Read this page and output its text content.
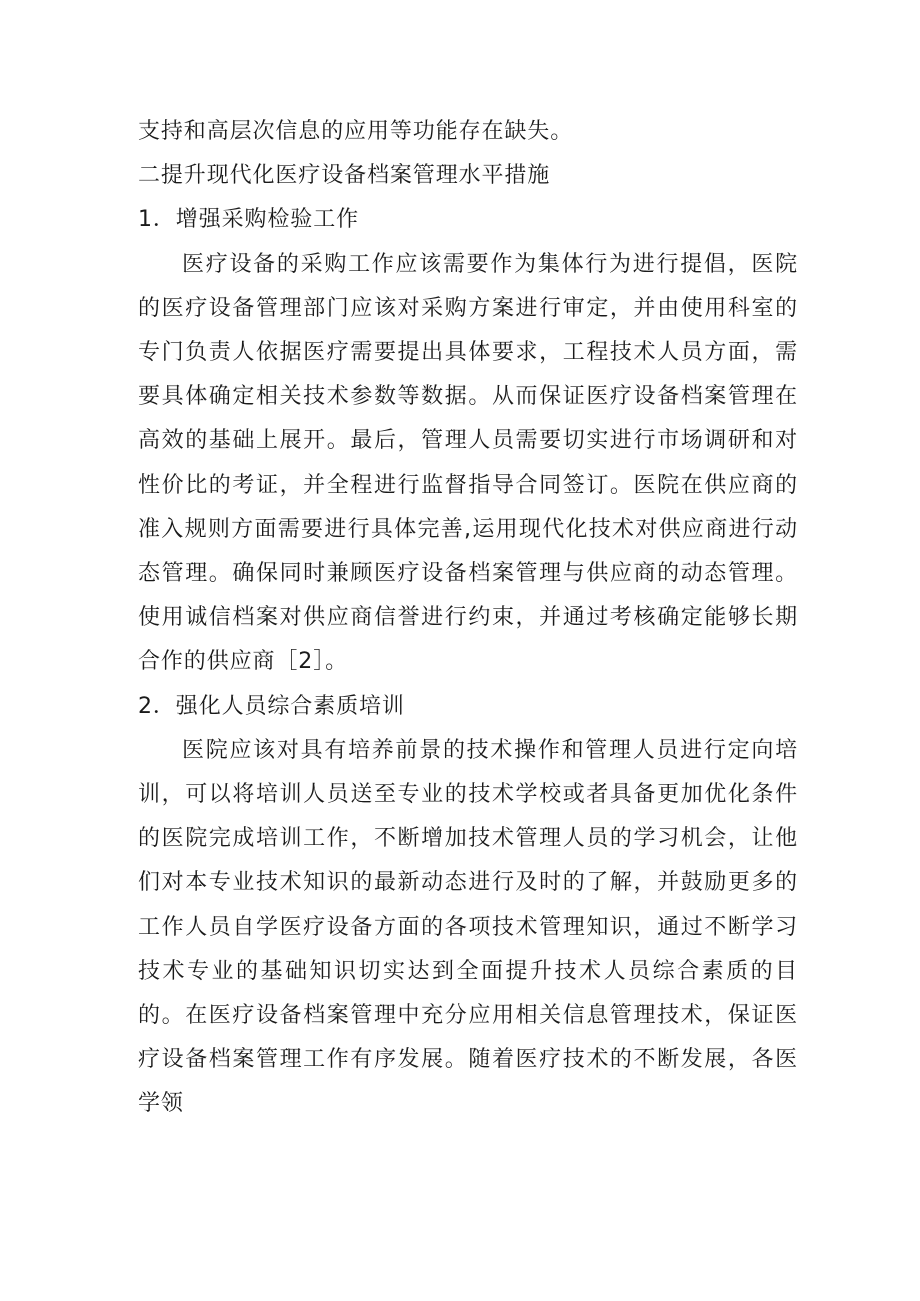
支持和高层次信息的应用等功能存在缺失。

二提升现代化医疗设备档案管理水平措施

1．增强采购检验工作

医疗设备的采购工作应该需要作为集体行为进行提倡，医院的医疗设备管理部门应该对采购方案进行审定，并由使用科室的专门负责人依据医疗需要提出具体要求，工程技术人员方面，需要具体确定相关技术参数等数据。从而保证医疗设备档案管理在高效的基础上展开。最后，管理人员需要切实进行市场调研和对性价比的考证，并全程进行监督指导合同签订。医院在供应商的准入规则方面需要进行具体完善,运用现代化技术对供应商进行动态管理。确保同时兼顾医疗设备档案管理与供应商的动态管理。使用诚信档案对供应商信誉进行约束，并通过考核确定能够长期合作的供应商［2］。

2．强化人员综合素质培训

医院应该对具有培养前景的技术操作和管理人员进行定向培训，可以将培训人员送至专业的技术学校或者具备更加优化条件的医院完成培训工作，不断增加技术管理人员的学习机会，让他们对本专业技术知识的最新动态进行及时的了解，并鼓励更多的工作人员自学医疗设备方面的各项技术管理知识，通过不断学习技术专业的基础知识切实达到全面提升技术人员综合素质的目的。在医疗设备档案管理中充分应用相关信息管理技术，保证医疗设备档案管理工作有序发展。随着医疗技术的不断发展，各医学领
